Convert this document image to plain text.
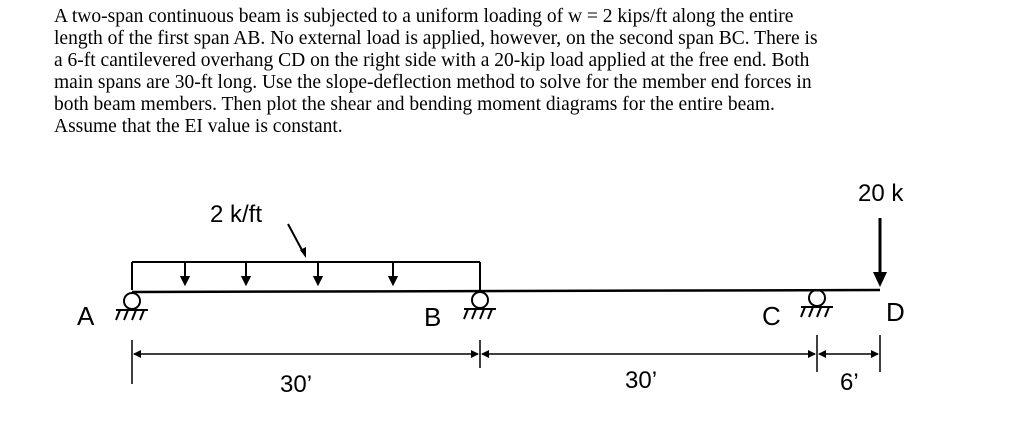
A two-span continuous beam is subjected to a uniform loading of w = 2 kips/ft along the entire
length of the first span AB. No external load is applied, however, on the second span BC. There is
a 6-ft cantilevered overhang CD on the right side with a 20-kip load applied at the free end. Both
main spans are 30-ft long. Use the slope-deflection method to solve for the member end forces in
both beam members. Then plot the shear and bending moment diagrams for the entire beam.
Assume that the EI value is constant.
2 k/ft
20 k
A	B	C	D
30’	30’	6’
